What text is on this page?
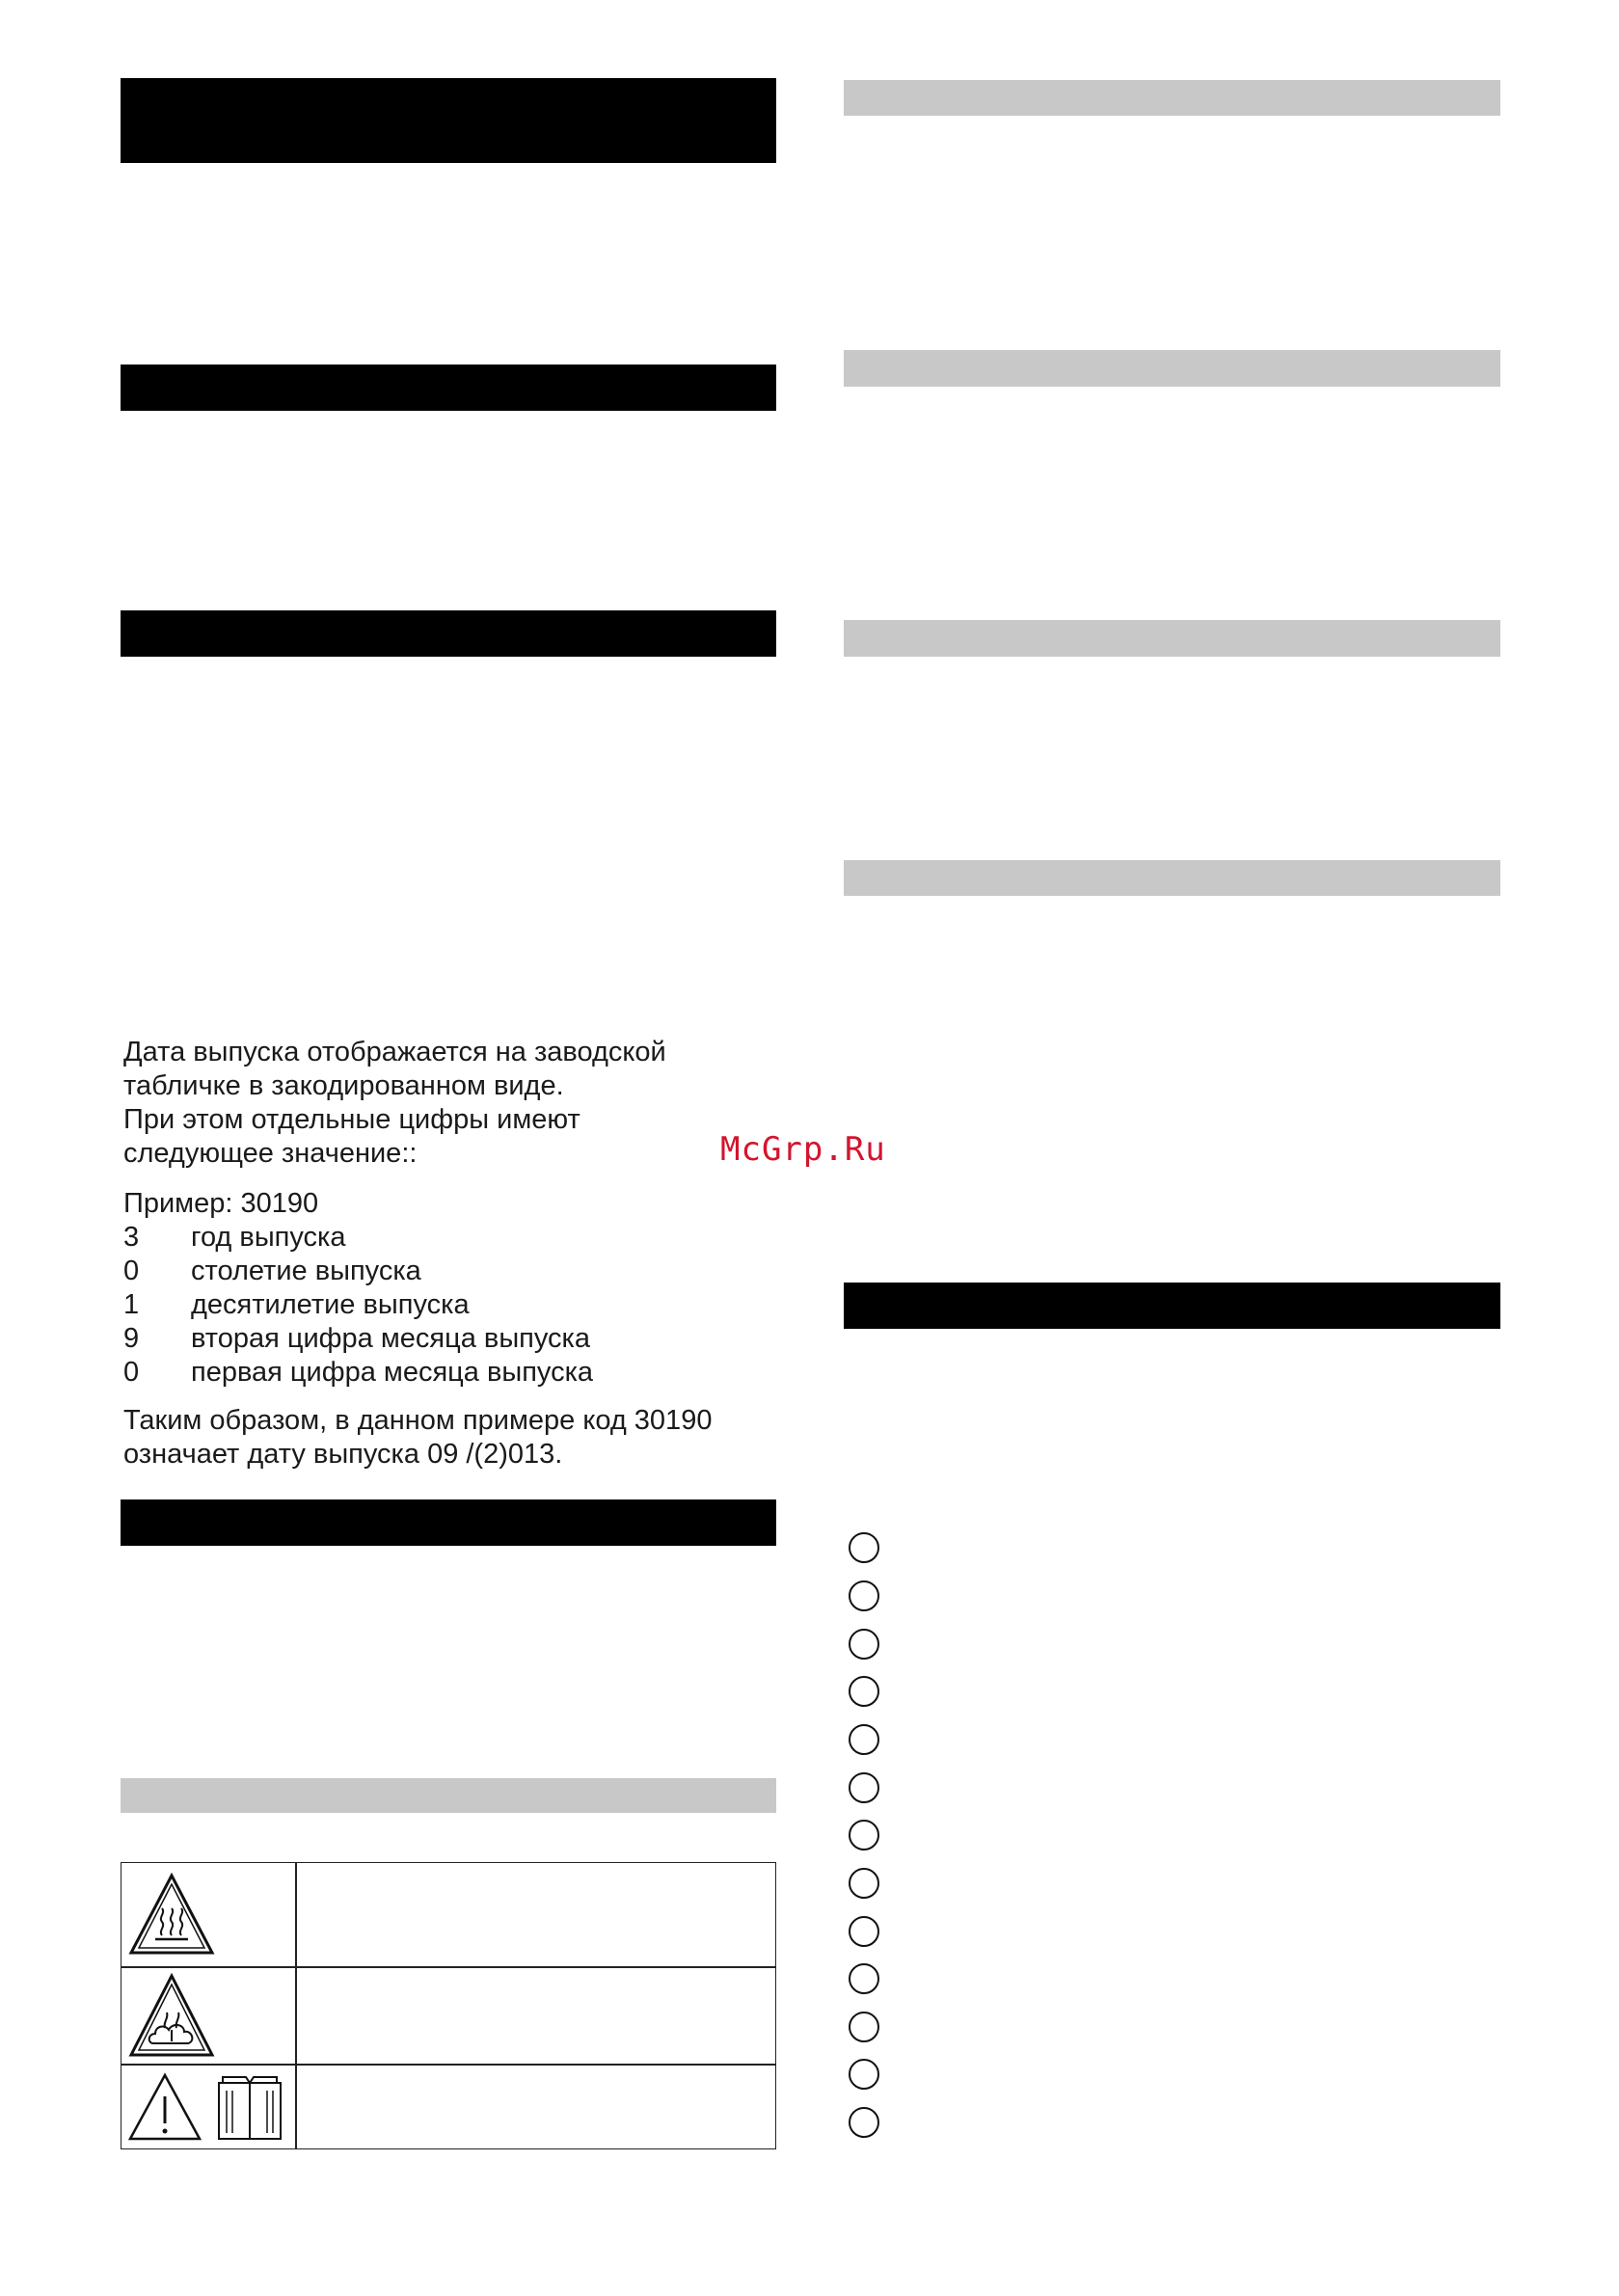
Дата выпуска отображается на заводской
табличке в закодированном виде.
При этом отдельные цифры имеют
следующее значение::
Пример: 30190
3 год выпуска
0 столетие выпуска
1 десятилетие выпуска
9 вторая цифра месяца выпуска
0 первая цифра месяца выпуска
Таким образом, в данном примере код 30190
означает дату выпуска 09 /(2)013.
McGrp.Ru
